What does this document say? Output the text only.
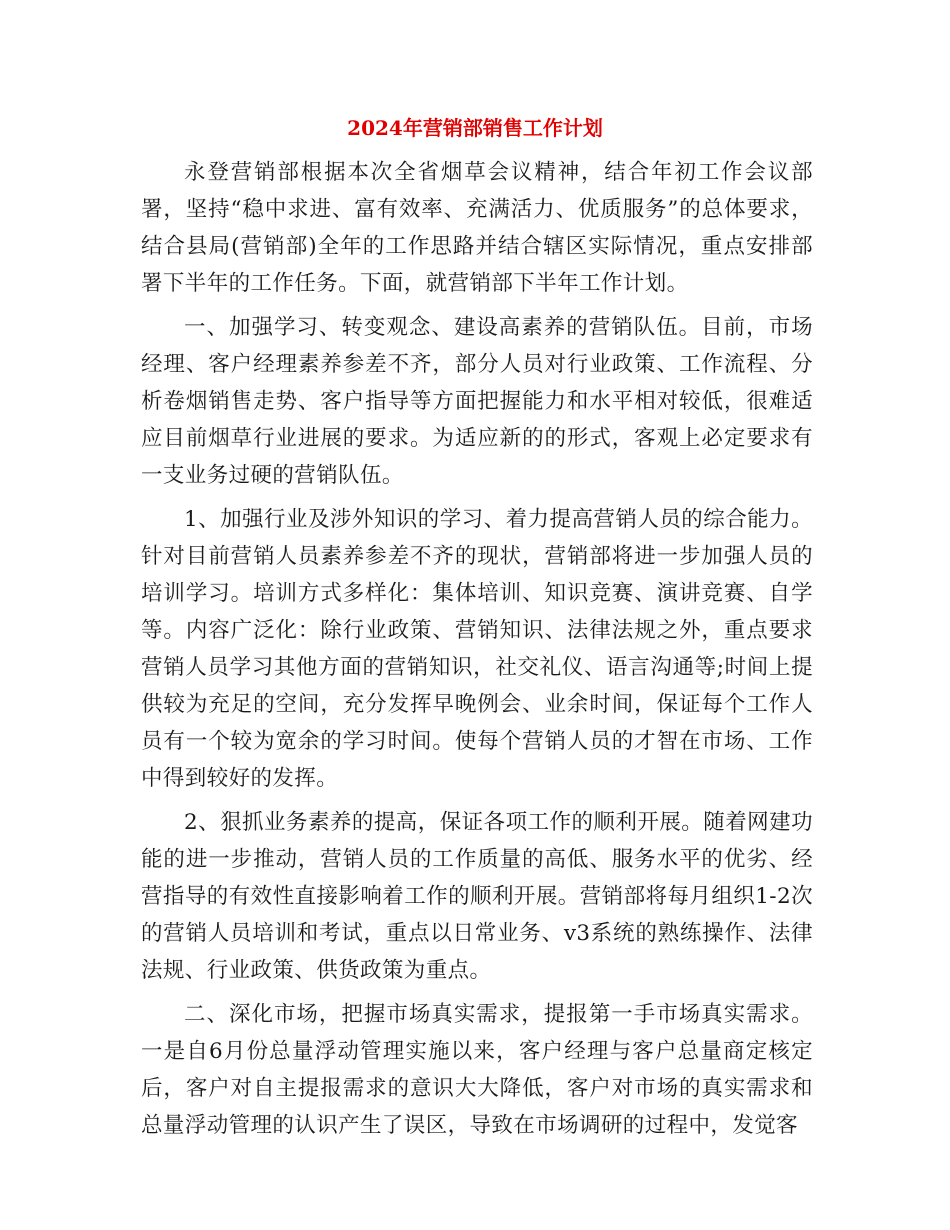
2024年营销部销售工作计划

永登营销部根据本次全省烟草会议精神，结合年初工作会议部署，坚持“稳中求进、富有效率、充满活力、优质服务”的总体要求，结合县局(营销部)全年的工作思路并结合辖区实际情况，重点安排部署下半年的工作任务。下面，就营销部下半年工作计划。

一、加强学习、转变观念、建设高素养的营销队伍。目前，市场经理、客户经理素养参差不齐，部分人员对行业政策、工作流程、分析卷烟销售走势、客户指导等方面把握能力和水平相对较低，很难适应目前烟草行业进展的要求。为适应新的的形式，客观上必定要求有一支业务过硬的营销队伍。

1、加强行业及涉外知识的学习、着力提高营销人员的综合能力。针对目前营销人员素养参差不齐的现状，营销部将进一步加强人员的培训学习。培训方式多样化：集体培训、知识竞赛、演讲竞赛、自学等。内容广泛化：除行业政策、营销知识、法律法规之外，重点要求营销人员学习其他方面的营销知识，社交礼仪、语言沟通等;时间上提供较为充足的空间，充分发挥早晚例会、业余时间，保证每个工作人员有一个较为宽余的学习时间。使每个营销人员的才智在市场、工作中得到较好的发挥。

2、狠抓业务素养的提高，保证各项工作的顺利开展。随着网建功能的进一步推动，营销人员的工作质量的高低、服务水平的优劣、经营指导的有效性直接影响着工作的顺利开展。营销部将每月组织1-2次的营销人员培训和考试，重点以日常业务、v3系统的熟练操作、法律法规、行业政策、供货政策为重点。

二、深化市场，把握市场真实需求，提报第一手市场真实需求。一是自6月份总量浮动管理实施以来，客户经理与客户总量商定核定后，客户对自主提报需求的意识大大降低，客户对市场的真实需求和总量浮动管理的认识产生了误区，导致在市场调研的过程中，发觉客
